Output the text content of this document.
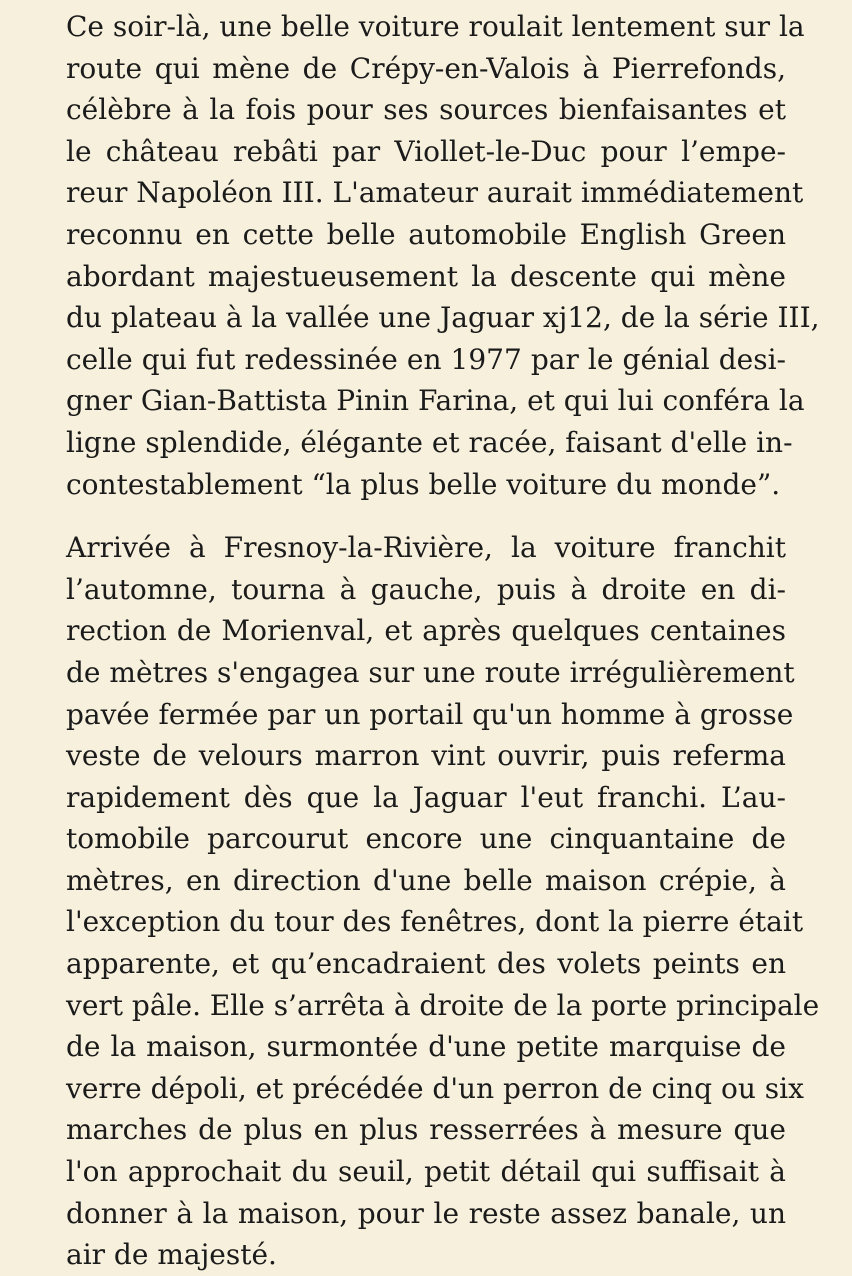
Ce soir-là, une belle voiture roulait lentement sur la
route qui mène de Crépy-en-Valois à Pierrefonds,
célèbre à la fois pour ses sources bienfaisantes et
le château rebâti par Viollet-le-Duc pour l’empe-
reur Napoléon III. L'amateur aurait immédiatement
reconnu en cette belle automobile English Green
abordant majestueusement la descente qui mène
du plateau à la vallée une Jaguar xj12, de la série III,
celle qui fut redessinée en 1977 par le génial desi-
gner Gian-Battista Pinin Farina, et qui lui conféra la
ligne splendide, élégante et racée, faisant d'elle in-
contestablement “la plus belle voiture du monde”.

Arrivée à Fresnoy-la-Rivière, la voiture franchit
l’automne, tourna à gauche, puis à droite en di-
rection de Morienval, et après quelques centaines
de mètres s'engagea sur une route irrégulièrement
pavée fermée par un portail qu'un homme à grosse
veste de velours marron vint ouvrir, puis referma
rapidement dès que la Jaguar l'eut franchi. L’au-
tomobile parcourut encore une cinquantaine de
mètres, en direction d'une belle maison crépie, à
l'exception du tour des fenêtres, dont la pierre était
apparente, et qu’encadraient des volets peints en
vert pâle. Elle s’arrêta à droite de la porte principale
de la maison, surmontée d'une petite marquise de
verre dépoli, et précédée d'un perron de cinq ou six
marches de plus en plus resserrées à mesure que
l'on approchait du seuil, petit détail qui suffisait à
donner à la maison, pour le reste assez banale, un
air de majesté.
